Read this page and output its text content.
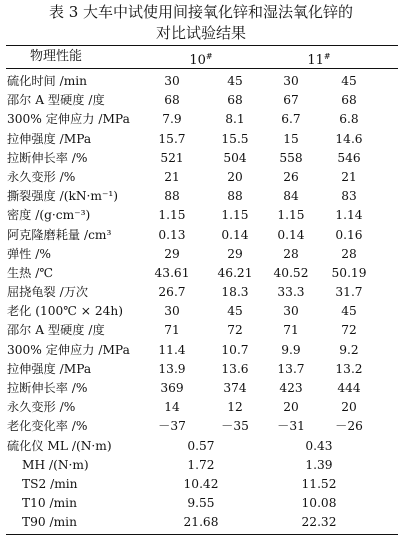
表 3 大车中试使用间接氧化锌和湿法氧化锌的
对比试验结果
物理性能	10#	11#
硫化时间 /min	30	45	30	45
邵尔 A 型硬度 /度	68	68	67	68
300% 定伸应力 /MPa	7.9	8.1	6.7	6.8
拉伸强度 /MPa	15.7	15.5	15	14.6
拉断伸长率 /%	521	504	558	546
永久变形 /%	21	20	26	21
撕裂强度 /(kN·m⁻¹)	88	88	84	83
密度 /(g·cm⁻³)	1.15	1.15 1.15	1.14
阿克隆磨耗量 /cm³	0.13	0.14 0.14	0.16
弹性 /%	29	29	28	28
生热 /℃	43.61 46.21 40.52 50.19
屈挠龟裂 /万次	26.7	18.3 33.3	31.7
老化 (100℃ × 24h)	30	45	30	45
邵尔 A 型硬度 /度	71	72	71	72
300% 定伸应力 /MPa 11.4	10.7	9.9	9.2
拉伸强度 /MPa	13.9	13.6 13.7	13.2
拉断伸长率 /%	369	374	423	444
永久变形 /%	14	12	20	20
老化变化率 /%	－37	－35 －31 －26
硫化仪 ML /(N·m)	0.57	0.43
MH /(N·m)	1.72	1.39
TS2 /min	10.42	11.52
T10 /min	9.55	10.08
T90 /min	21.68	22.32
